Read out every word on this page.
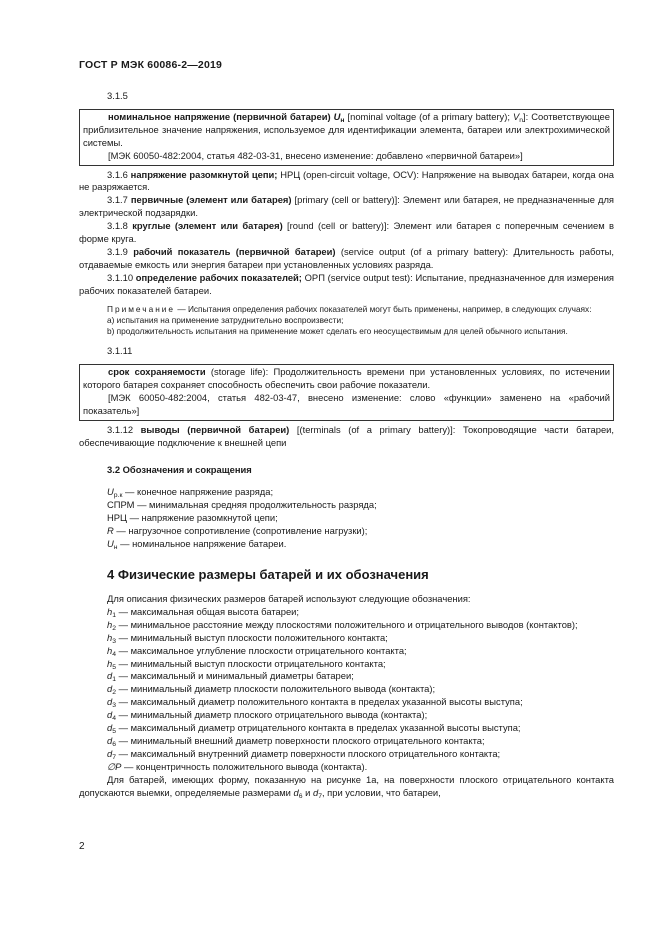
ГОСТ Р МЭК 60086-2—2019
3.1.5

номинальное напряжение (первичной батареи) $U_н$ [nominal voltage (of a primary battery); $V_n$]: Соответствующее приблизительное значение напряжения, используемое для идентификации элемента, батареи или электрохимической системы.

[МЭК 60050-482:2004, статья 482-03-31, внесено изменение: добавлено «первичной батареи»]

3.1.6 напряжение разомкнутой цепи; НРЦ (open-circuit voltage, OCV): Напряжение на выводах батареи, когда она не разряжается.

3.1.7 первичные (элемент или батарея) [primary (cell or battery)]: Элемент или батарея, не предназначенные для электрической подзарядки.

3.1.8 круглые (элемент или батарея) [round (cell or battery)]: Элемент или батарея с поперечным сечением в форме круга.

3.1.9 рабочий показатель (первичной батареи) (service output (of a primary battery): Длительность работы, отдаваемые емкость или энергия батареи при установленных условиях разряда.

3.1.10 определение рабочих показателей; ОРП (service output test): Испытание, предназначенное для измерения рабочих показателей батареи.

Примечание — Испытания определения рабочих показателей могут быть применены, например, в следующих случаях:

a) испытания на применение затруднительно воспроизвести;

b) продолжительность испытания на применение может сделать его неосуществимым для целей обычного испытания.

3.1.11

срок сохраняемости (storage life): Продолжительность времени при установленных условиях, по истечении которого батарея сохраняет способность обеспечить свои рабочие показатели.

[МЭК 60050-482:2004, статья 482-03-47, внесено изменение: слово «функции» заменено на «рабочий показатель»]

3.1.12 выводы (первичной батареи) [(terminals (of a primary battery)]: Токопроводящие части батареи, обеспечивающие подключение к внешней цепи

3.2 Обозначения и сокращения

$U_{р.к}$ — конечное напряжение разряда;

СПРМ — минимальная средняя продолжительность разряда;

НРЦ — напряжение разомкнутой цепи;

R — нагрузочное сопротивление (сопротивление нагрузки);

$U_н$ — номинальное напряжение батареи.

4 Физические размеры батарей и их обозначения

Для описания физических размеров батарей используют следующие обозначения:

$h_1$ — максимальная общая высота батареи;

$h_2$ — минимальное расстояние между плоскостями положительного и отрицательного выводов (контактов);

$h_3$ — минимальный выступ плоскости положительного контакта;

$h_4$ — максимальное углубление плоскости отрицательного контакта;

$h_5$ — минимальный выступ плоскости отрицательного контакта;

$d_1$ — максимальный и минимальный диаметры батареи;

$d_2$ — минимальный диаметр плоскости положительного вывода (контакта);

$d_3$ — максимальный диаметр положительного контакта в пределах указанной высоты выступа;

$d_4$ — минимальный диаметр плоского отрицательного вывода (контакта);

$d_5$ — максимальный диаметр отрицательного контакта в пределах указанной высоты выступа;

$d_6$ — минимальный внешний диаметр поверхности плоского отрицательного контакта;

$d_7$ — максимальный внутренний диаметр поверхности плоского отрицательного контакта;

∅P — концентричность положительного вывода (контакта).

Для батарей, имеющих форму, показанную на рисунке 1а, на поверхности плоского отрицательного контакта допускаются выемки, определяемые размерами $d_6$ и $d_7$, при условии, что батареи,

2
